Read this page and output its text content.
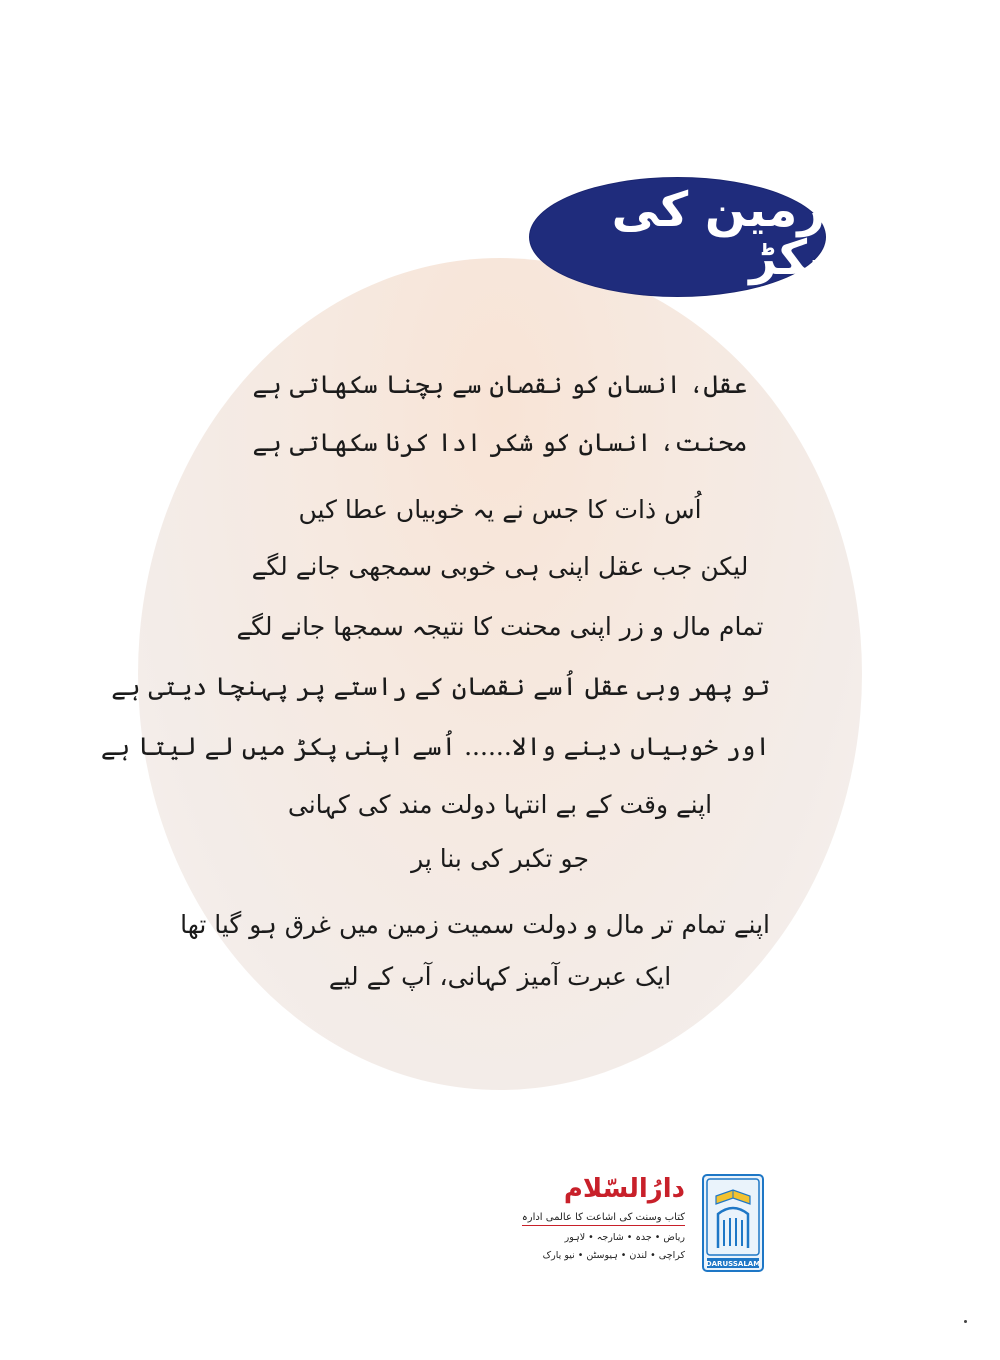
زمین کی پکڑ
عقل، انسان کو نقصان سے بچنا سکھاتی ہے
محنت، انسان کو شکر ادا کرنا سکھاتی ہے
اُس ذات کا جس نے یہ خوبیاں عطا کیں
لیکن جب عقل اپنی ہی خوبی سمجھی جانے لگے
تمام مال و زر اپنی محنت کا نتیجہ سمجھا جانے لگے
تو پھر وہی عقل اُسے نقصان کے راستے پر پہنچا دیتی ہے
اور خوبیاں دینے والا...... اُسے اپنی پکڑ میں لے لیتا ہے
اپنے وقت کے بے انتہا دولت مند کی کہانی
جو تکبر کی بنا پر
اپنے تمام تر مال و دولت سمیت زمین میں غرق ہو گیا تھا
ایک عبرت آمیز کہانی، آپ کے لیے
دارُالسّلام
کتاب وسنت کی اشاعت کا عالمی ادارہ
ریاض • جدہ • شارجہ • لاہور
کراچی • لندن • ہیوسٹن • نیو یارک
DARUSSALAM
